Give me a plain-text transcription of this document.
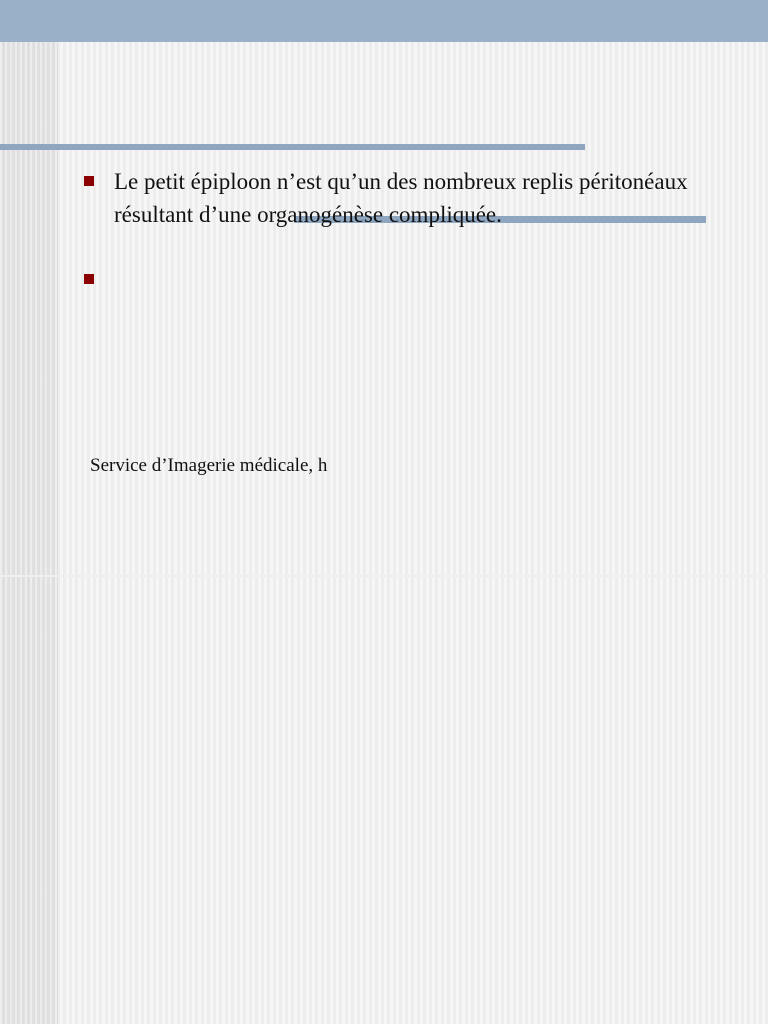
Service d’Imagerie médicale, h
Le petit épiploon n’est qu’un des nombreux replis péritonéaux résultant d’une organogénèse compliquée.
